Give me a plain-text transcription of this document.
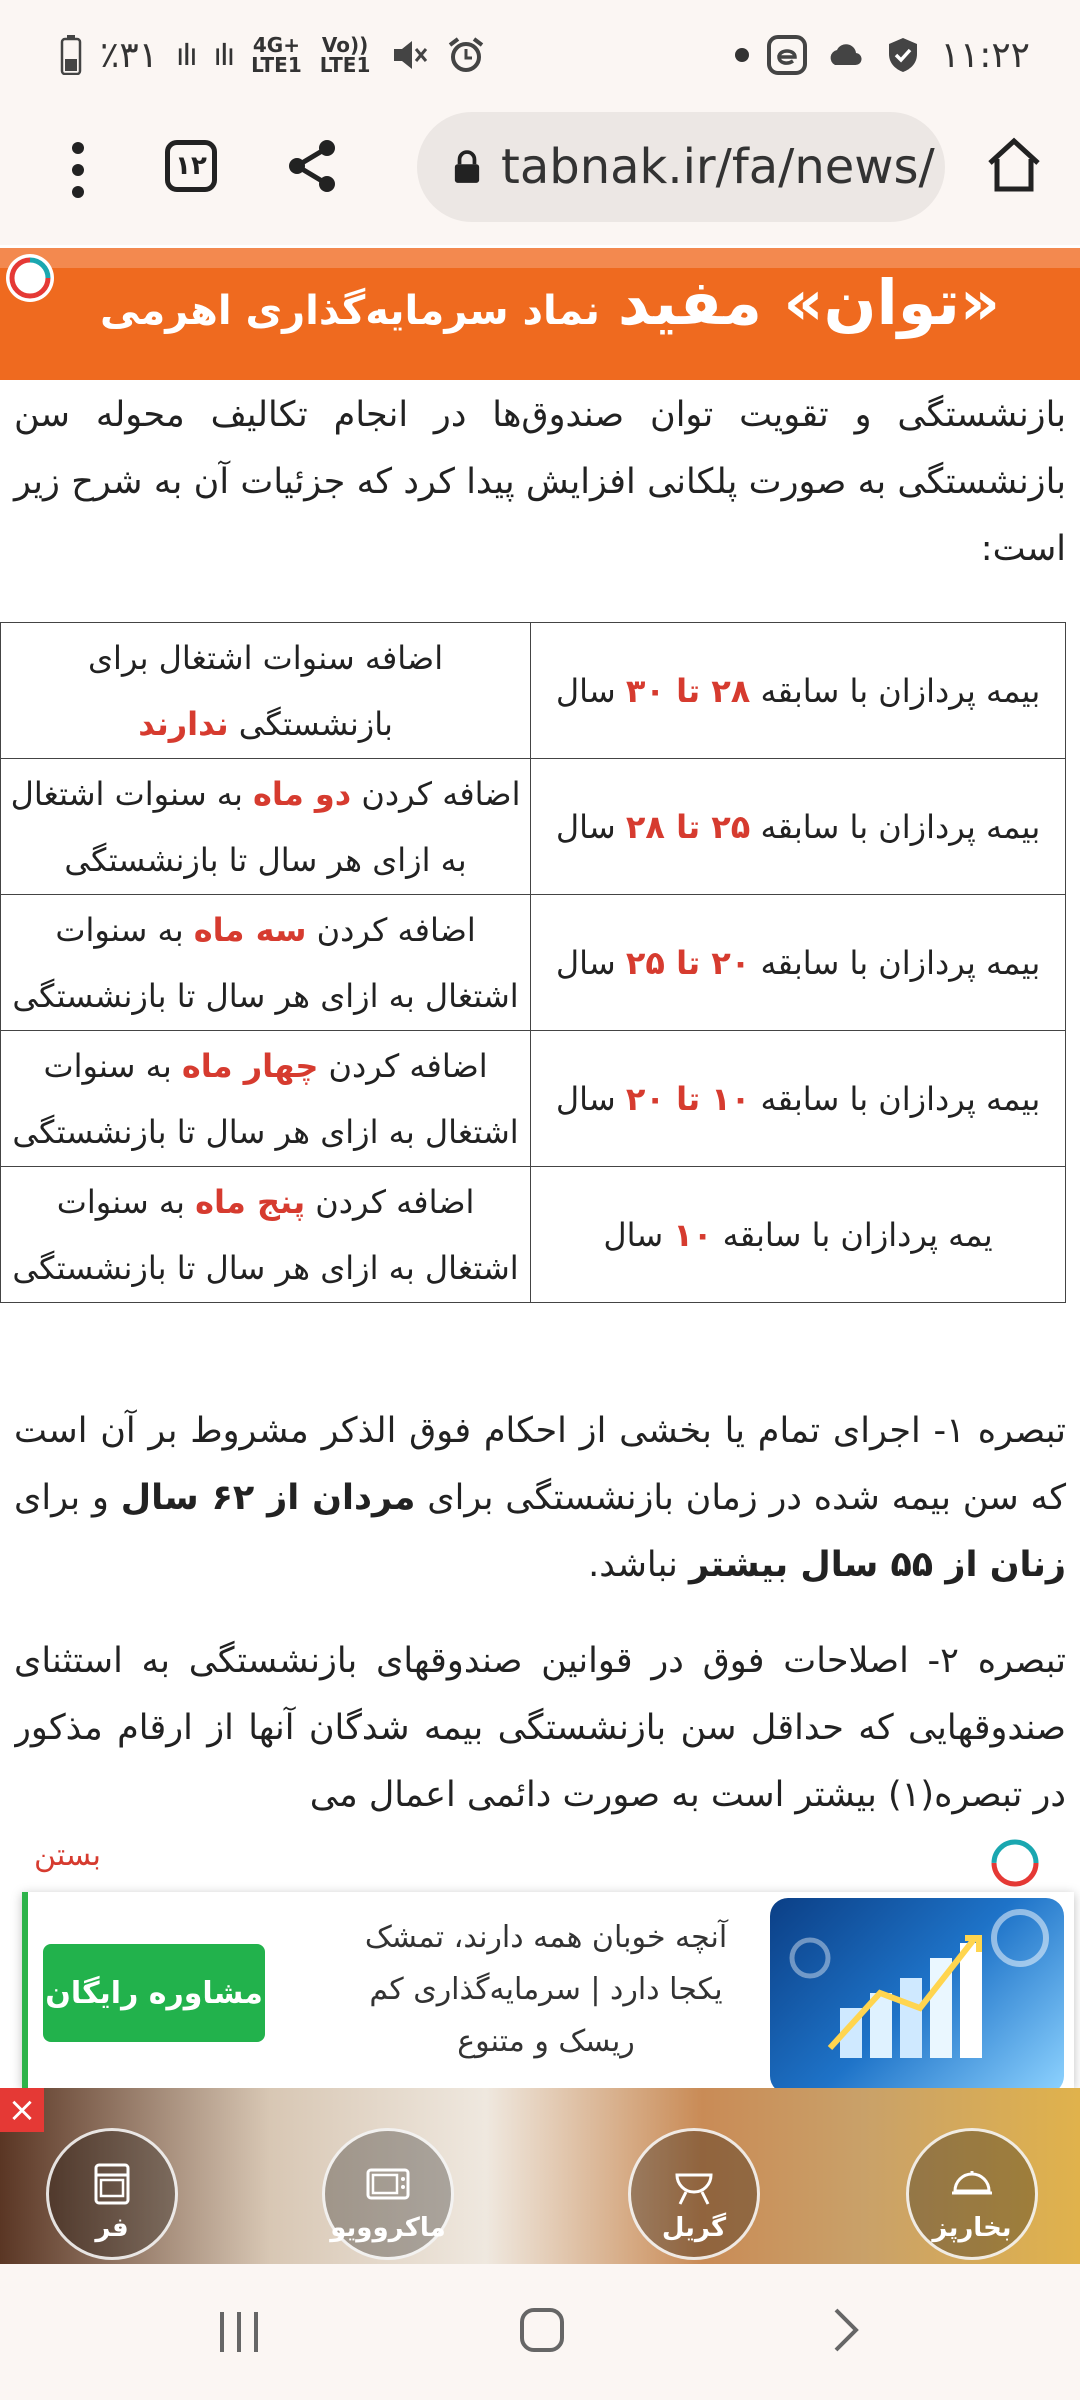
٪۳۱ ıIı ıIı 4G+
LTE1
Vo))
LTE1	۱۱:۲۲
۱۲	tabnak.ir/fa/news/
«توان» مفید
نماد سرمایه‌گذاری اهرمی

بازنشستگی و تقویت توان صندوق‌ها در انجام تکالیف محوله سن بازنشستگی به صورت پلکانی افزایش پیدا کرد که جزئیات آن به شرح زیر است:

بیمه پردازان با سابقه ۲۸ تا ۳۰ سال	اضافه سنوات اشتغال برای بازنشستگی ندارند
بیمه پردازان با سابقه ۲۵ تا ۲۸ سال	اضافه کردن دو ماه به سنوات اشتغال به ازای هر سال تا بازنشستگی
بیمه پردازان با سابقه ۲۰ تا ۲۵ سال	اضافه کردن سه ماه به سنوات اشتغال به ازای هر سال تا بازنشستگی
بیمه پردازان با سابقه ۱۰ تا ۲۰ سال	اضافه کردن چهار ماه به سنوات اشتغال به ازای هر سال تا بازنشستگی
یمه پردازان با سابقه ۱۰ سال	اضافه کردن پنج ماه به سنوات اشتغال به ازای هر سال تا بازنشستگی

تبصره ۱- اجرای تمام یا بخشی از احکام فوق الذکر مشروط بر آن است که سن بیمه شده در زمان بازنشستگی برای مردان از ۶۲ سال و برای زنان از ۵۵ سال بیشتر نباشد.

تبصره ۲- اصلاحات فوق در قوانین صندوقهای بازنشستگی به استثنای صندوقهایی که حداقل سن بازنشستگی بیمه شدگان آنها از ارقام مذکور در تبصره(۱) بیشتر است به صورت دائمی اعمال می

بستن
آنچه خوبان همه دارند، تمشک یکجا دارد | سرمایه‌گذاری کم ریسک و متنوع
مشاوره رایگان
×
بخارپز
گریل
ماکروویو
فر
